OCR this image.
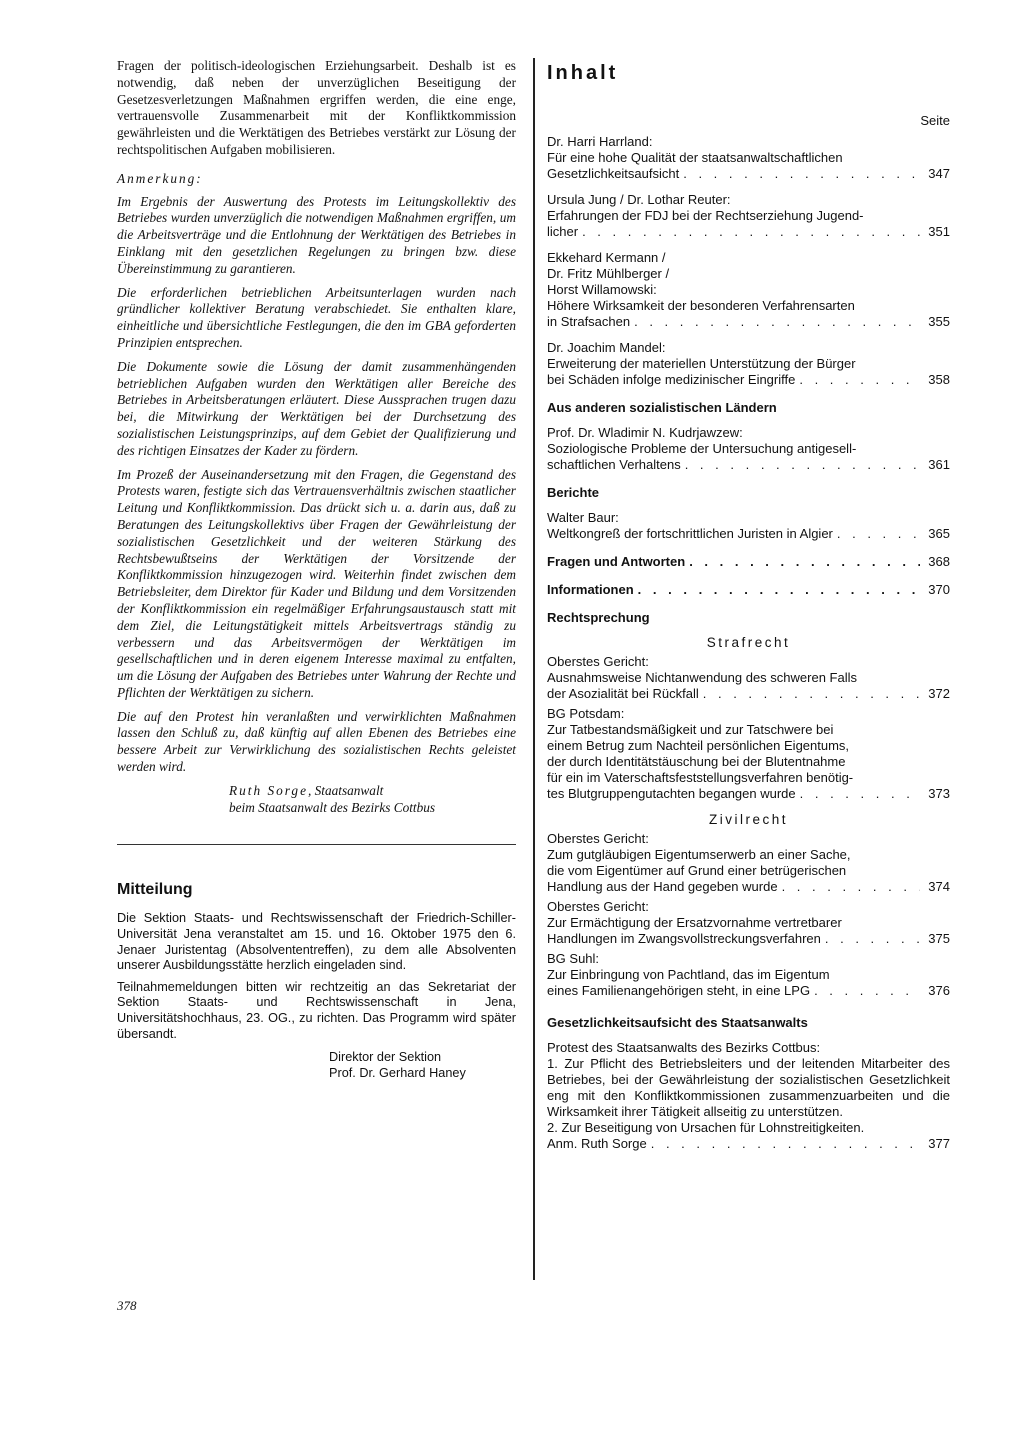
Fragen der politisch-ideologischen Erziehungsarbeit. Deshalb ist es notwendig, daß neben der unverzüglichen Beseitigung der Gesetzesverletzungen Maßnahmen ergriffen werden, die eine enge, vertrauensvolle Zusammenarbeit mit der Konfliktkommission gewährleisten und die Werktätigen des Betriebes verstärkt zur Lösung der rechtspolitischen Aufgaben mobilisieren.

Anmerkung:

Im Ergebnis der Auswertung des Protests im Leitungskollektiv des Betriebes wurden unverzüglich die notwendigen Maßnahmen ergriffen, um die Arbeitsverträge und die Entlohnung der Werktätigen des Betriebes in Einklang mit den gesetzlichen Regelungen zu bringen bzw. diese Übereinstimmung zu garantieren.

Die erforderlichen betrieblichen Arbeitsunterlagen wurden nach gründlicher kollektiver Beratung verabschiedet. Sie enthalten klare, einheitliche und übersichtliche Festlegungen, die den im GBA geforderten Prinzipien entsprechen.

Die Dokumente sowie die Lösung der damit zusammenhängenden betrieblichen Aufgaben wurden den Werktätigen aller Bereiche des Betriebes in Arbeitsberatungen erläutert. Diese Aussprachen trugen dazu bei, die Mitwirkung der Werktätigen bei der Durchsetzung des sozialistischen Leistungsprinzips, auf dem Gebiet der Qualifizierung und des richtigen Einsatzes der Kader zu fördern.

Im Prozeß der Auseinandersetzung mit den Fragen, die Gegenstand des Protests waren, festigte sich das Vertrauensverhältnis zwischen staatlicher Leitung und Konfliktkommission. Das drückt sich u. a. darin aus, daß zu Beratungen des Leitungskollektivs über Fragen der Gewährleistung der sozialistischen Gesetzlichkeit und der weiteren Stärkung des Rechtsbewußtseins der Werktätigen der Vorsitzende der Konfliktkommission hinzugezogen wird. Weiterhin findet zwischen dem Betriebsleiter, dem Direktor für Kader und Bildung und dem Vorsitzenden der Konfliktkommission ein regelmäßiger Erfahrungsaustausch statt mit dem Ziel, die Leitungstätigkeit mittels Arbeitsvertrags ständig zu verbessern und das Arbeitsvermögen der Werktätigen im gesellschaftlichen und in deren eigenem Interesse maximal zu entfalten, um die Lösung der Aufgaben des Betriebes unter Wahrung der Rechte und Pflichten der Werktätigen zu sichern.

Die auf den Protest hin veranlaßten und verwirklichten Maßnahmen lassen den Schluß zu, daß künftig auf allen Ebenen des Betriebes eine bessere Arbeit zur Verwirklichung des sozialistischen Rechts geleistet werden wird.

Ruth Sorge, Staatsanwalt
beim Staatsanwalt des Bezirks Cottbus
Mitteilung

Die Sektion Staats- und Rechtswissenschaft der Friedrich-Schiller-Universität Jena veranstaltet am 15. und 16. Oktober 1975 den 6. Jenaer Juristentag (Absolvententreffen), zu dem alle Absolventen unserer Ausbildungsstätte herzlich eingeladen sind.

Teilnahmemeldungen bitten wir rechtzeitig an das Sekretariat der Sektion Staats- und Rechtswissenschaft in Jena, Universitätshochhaus, 23. OG., zu richten. Das Programm wird später übersandt.

Direktor der Sektion
Prof. Dr. Gerhard Haney
378
Inhalt
Seite
Dr. Harri Harrland:
Für eine hohe Qualität der staatsanwaltschaftlichen
Gesetzlichkeitsaufsicht . . .	347
Ursula Jung / Dr. Lothar Reuter:
Erfahrungen der FDJ bei der Rechtserziehung Jugend-
licher . . .	351
Ekkehard Kermann /
Dr. Fritz Mühlberger /
Horst Willamowski:
Höhere Wirksamkeit der besonderen Verfahrensarten
in Strafsachen . . .	355
Dr. Joachim Mandel:
Erweiterung der materiellen Unterstützung der Bürger
bei Schäden infolge medizinischer Eingriffe . . .	358
Aus anderen sozialistischen Ländern
Prof. Dr. Wladimir N. Kudrjawzew:
Soziologische Probleme der Untersuchung antigesell-
schaftlichen Verhaltens . . .	361
Berichte
Walter Baur:
Weltkongreß der fortschrittlichen Juristen in Algier . . .	365
Fragen und Antworten . . .	368
Informationen . . .	370
Rechtsprechung
Strafrecht
Oberstes Gericht:
Ausnahmsweise Nichtanwendung des schweren Falls
der Asozialität bei Rückfall . . .	372
BG Potsdam:
Zur Tatbestandsmäßigkeit und zur Tatschwere bei
einem Betrug zum Nachteil persönlichen Eigentums,
der durch Identitätstäuschung bei der Blutentnahme
für ein im Vaterschaftsfeststellungsverfahren benötig-
tes Blutgruppengutachten begangen wurde . . .	373
Zivilrecht
Oberstes Gericht:
Zum gutgläubigen Eigentumserwerb an einer Sache,
die vom Eigentümer auf Grund einer betrügerischen
Handlung aus der Hand gegeben wurde . . .	374
Oberstes Gericht:
Zur Ermächtigung der Ersatzvornahme vertretbarer
Handlungen im Zwangsvollstreckungsverfahren . . .	375
BG Suhl:
Zur Einbringung von Pachtland, das im Eigentum
eines Familienangehörigen steht, in eine LPG . . .	376
Gesetzlichkeitsaufsicht des Staatsanwalts
Protest des Staatsanwalts des Bezirks Cottbus:
1. Zur Pflicht des Betriebsleiters und der leitenden Mitarbeiter des Betriebes, bei der Gewährleistung der sozialistischen Gesetzlichkeit eng mit den Konfliktkommissionen zusammenzuarbeiten und die Wirksamkeit ihrer Tätigkeit allseitig zu unterstützen.
2. Zur Beseitigung von Ursachen für Lohnstreitigkeiten.
Anm. Ruth Sorge . . .	377
